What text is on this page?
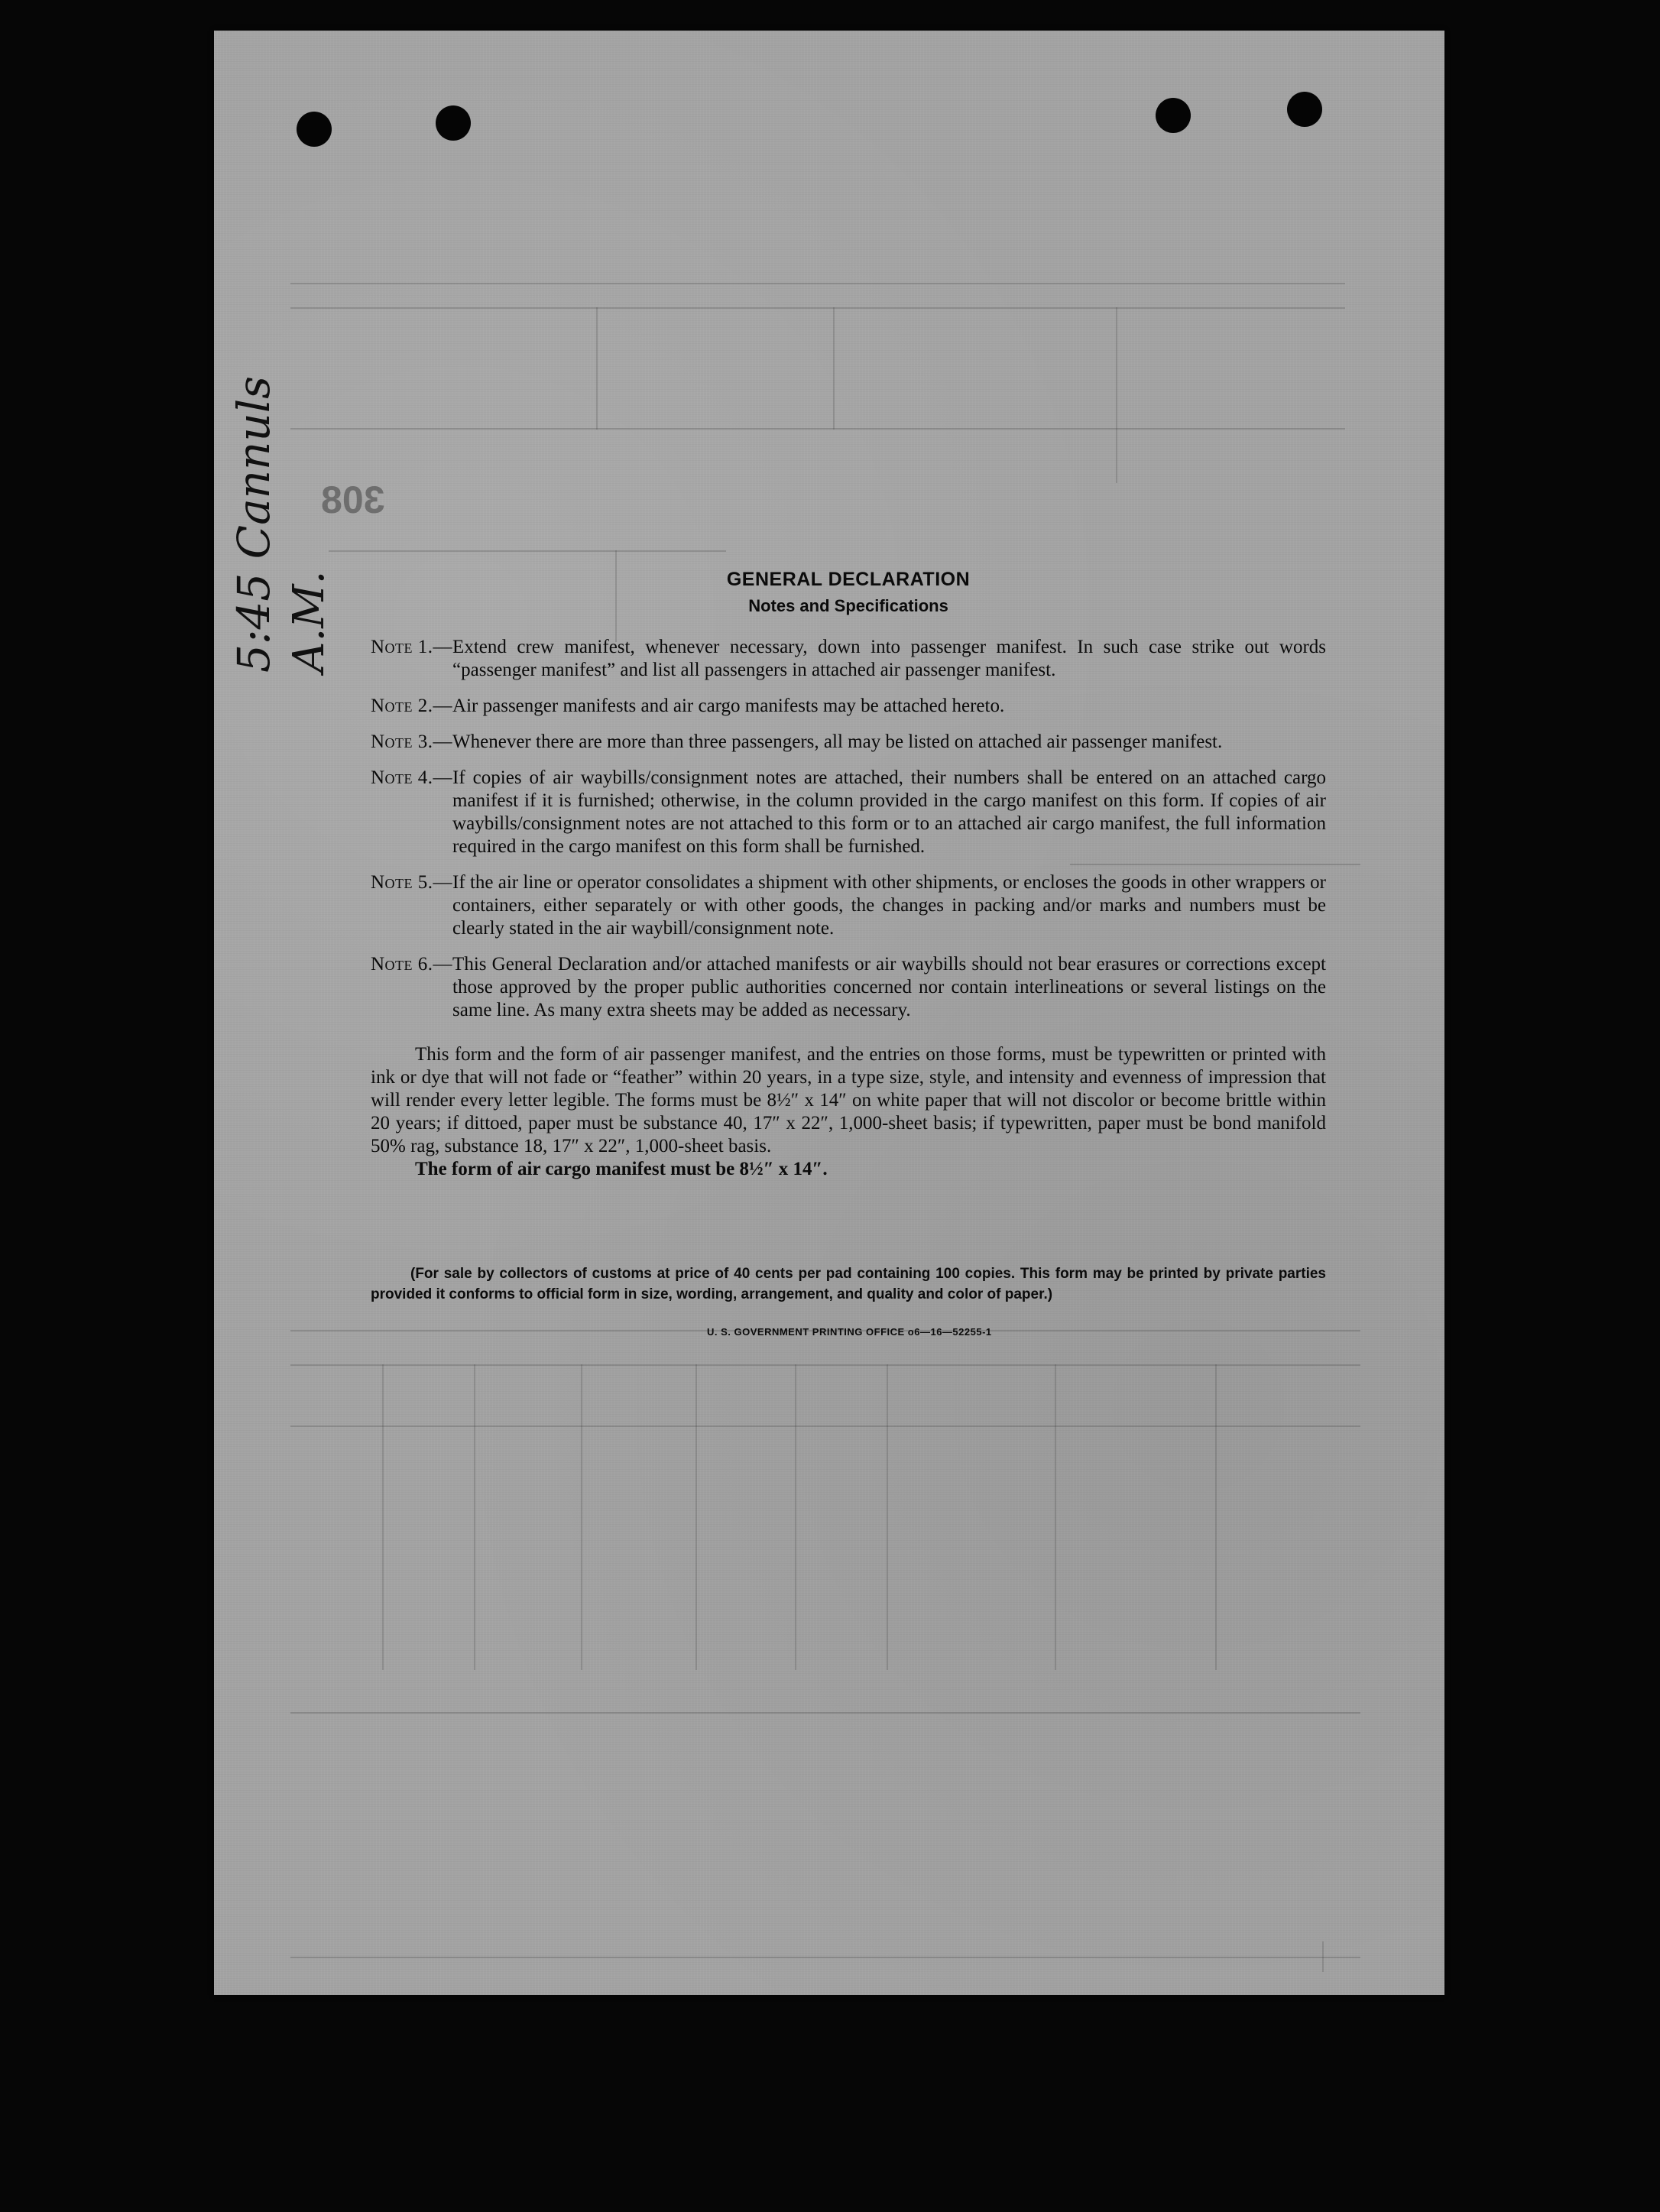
308
GENERAL DECLARATION
Notes and Specifications
Note 1.— Extend crew manifest, whenever necessary, down into passenger manifest. In such case strike out words “passenger manifest” and list all passengers in attached air passenger manifest.
Note 2.— Air passenger manifests and air cargo manifests may be attached hereto.
Note 3.— Whenever there are more than three passengers, all may be listed on attached air passenger manifest.
Note 4.— If copies of air waybills/consignment notes are attached, their numbers shall be entered on an attached cargo manifest if it is furnished; otherwise, in the column provided in the cargo manifest on this form. If copies of air waybills/consignment notes are not attached to this form or to an attached air cargo manifest, the full information required in the cargo manifest on this form shall be furnished.
Note 5.— If the air line or operator consolidates a shipment with other shipments, or encloses the goods in other wrappers or containers, either separately or with other goods, the changes in packing and/or marks and numbers must be clearly stated in the air waybill/consignment note.
Note 6.— This General Declaration and/or attached manifests or air waybills should not bear erasures or corrections except those approved by the proper public authorities concerned nor contain interlineations or several listings on the same line. As many extra sheets may be added as necessary.

This form and the form of air passenger manifest, and the entries on those forms, must be typewritten or printed with ink or dye that will not fade or “feather” within 20 years, in a type size, style, and intensity and evenness of impression that will render every letter legible. The forms must be 8½″ x 14″ on white paper that will not discolor or become brittle within 20 years; if dittoed, paper must be substance 40, 17″ x 22″, 1,000-sheet basis; if typewritten, paper must be bond manifold 50% rag, substance 18, 17″ x 22″, 1,000-sheet basis.

The form of air cargo manifest must be 8½″ x 14″.

(For sale by collectors of customs at price of 40 cents per pad containing 100 copies. This form may be printed by private parties provided it conforms to official form in size, wording, arrangement, and quality and color of paper.)

U. S. GOVERNMENT PRINTING OFFICE o6—16—52255-1
5:45 Cannuls
A.M.
